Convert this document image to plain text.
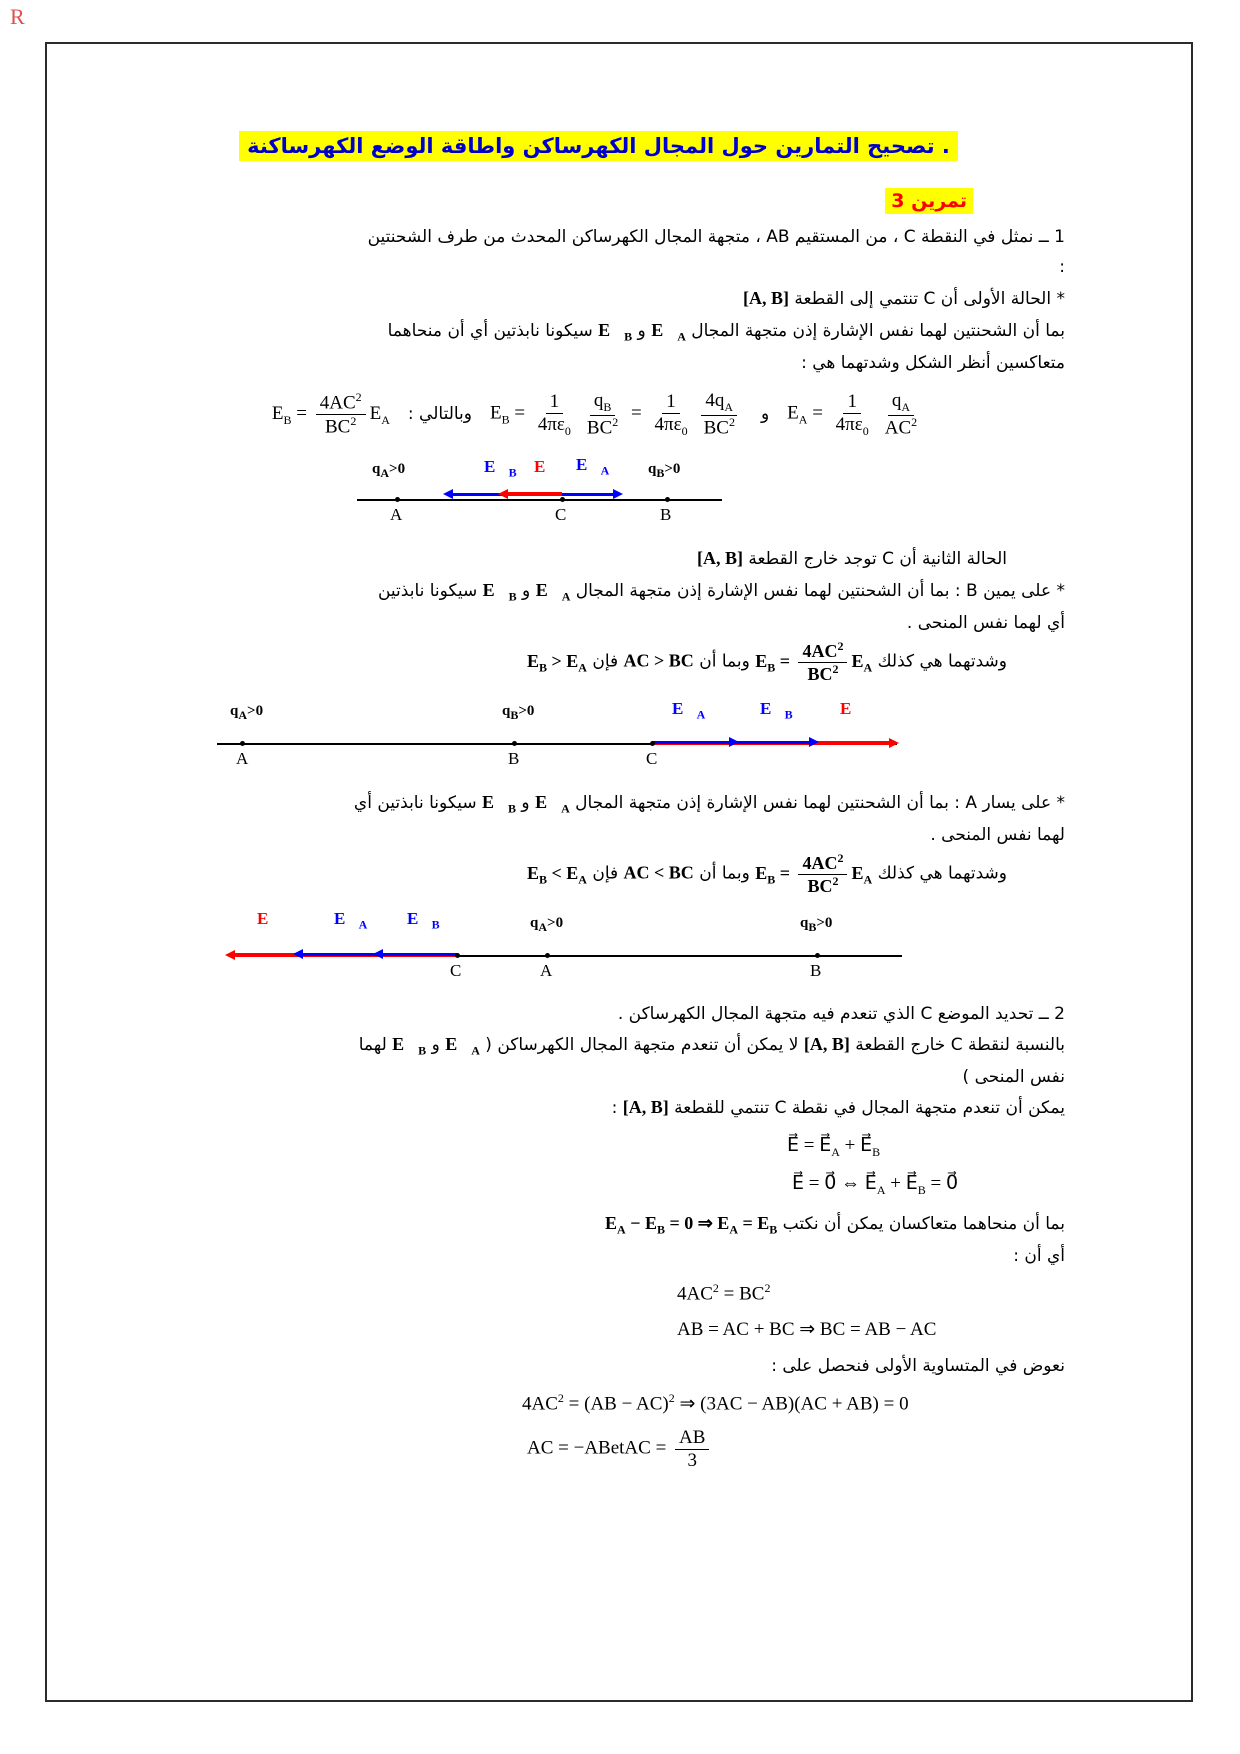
R
تصحيح التمارين حول المجال الكهرساكن واطاقة الوضع الكهرساكنة .
تمرين 3

1 ــ نمثل في النقطة C ، من المستقيم AB ، متجهة المجال الكهرساكن المحدث من طرف الشحنتين

:

* الحالة الأولى أن C تنتمي إلى القطعة [A, B]

بما أن الشحنتين لهما نفس الإشارة إذن متجهة المجال $E⃗_A$ و $E⃗_B$ سيكونا نابذتين أي أن منحاهما

متعاكسين أنظر الشكل وشدتهما هي :

$E_A = \frac{1}{4\pi\varepsilon_0} \frac{q_A}{AC^2}$
و
$E_B = \frac{1}{4\pi\varepsilon_0} \frac{q_B}{BC^2} = \frac{1}{4\pi\varepsilon_0} \frac{4q_A}{BC^2}$
وبالتالي :
$E_B = \frac{4AC^2}{BC^2} E_A$
$q_A>0$	$E⃗_B$ E⃗ $E⃗_A$	$q_B>0$
A	C	B

الحالة الثانية أن C توجد خارج القطعة [A, B]

* على يمين B : بما أن الشحنتين لهما نفس الإشارة إذن متجهة المجال $E⃗_A$ و $E⃗_B$ سيكونا نابذتين

أي لهما نفس المنحى .

وشدتهما هي كذلك $E_B = \frac{4AC^2}{BC^2} E_A$ وبما أن AC > BC فإن $E_B > E_A$

$q_A>0$	$q_B>0$	$E⃗_A$	$E⃗_B$	E⃗
A	B	C

* على يسار A : بما أن الشحنتين لهما نفس الإشارة إذن متجهة المجال $E⃗_A$ و $E⃗_B$ سيكونا نابذتين أي

لهما نفس المنحى .

وشدتهما هي كذلك $E_B = \frac{4AC^2}{BC^2} E_A$ وبما أن AC < BC فإن $E_B < E_A$

E⃗	$E⃗_A$ $E⃗_B$	$q_A>0$	$q_B>0$
C	A	B

2 ــ تحديد الموضع C الذي تنعدم فيه متجهة المجال الكهرساكن .

بالنسبة لنقطة C خارج القطعة [A, B] لا يمكن أن تنعدم متجهة المجال الكهرساكن ( $E⃗_A$ و $E⃗_B$ لهما

نفس المنحى )

يمكن أن تنعدم متجهة المجال في نقطة C تنتمي للقطعة [A, B] :

E⃗ = $E⃗_A$ + $E⃗_B$
E⃗ = 0⃗ ⇔ $E⃗_A$ + $E⃗_B$ = 0⃗

بما أن منحاهما متعاكسان يمكن أن نكتب $E_A - E_B = 0$ ⇒ $E_A = E_B$

أي أن :

$4AC^2 = BC^2$
AB = AC + BC ⇒ BC = AB − AC

نعوض في المتساوية الأولى فنحصل على :

$4AC^2 = (AB - AC)^2$ ⇒ (3AC − AB)(AC + AB) = 0
AC = −ABetAC = $\frac{AB}{3}$
